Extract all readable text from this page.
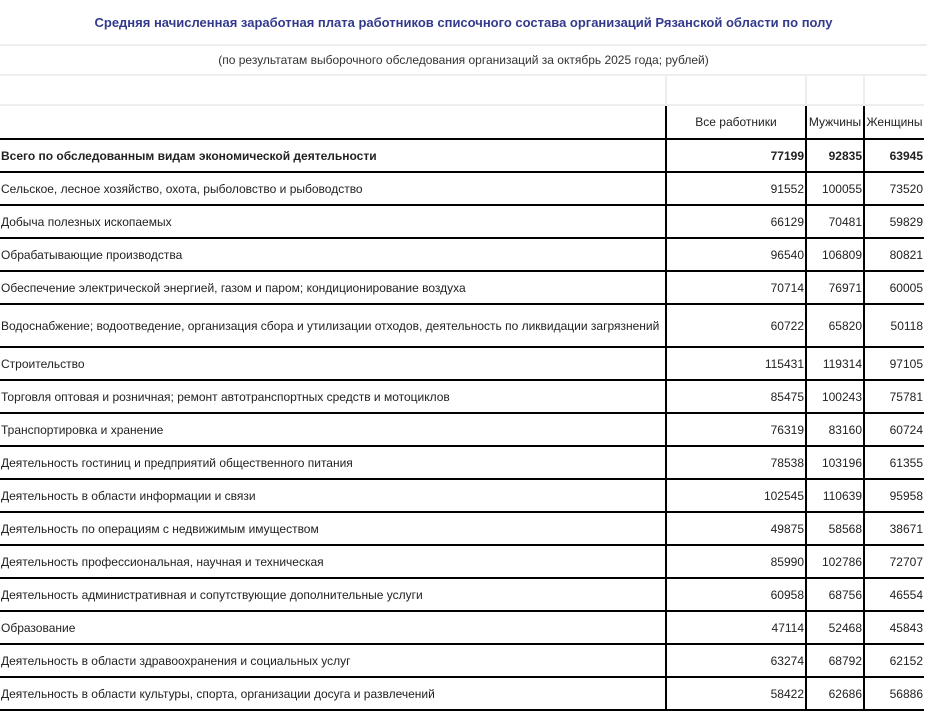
Средняя начисленная заработная плата работников списочного состава организаций Рязанской области по полу
(по результатам выборочного обследования организаций за октябрь 2025 года; рублей)

	Все работники	Мужчины	Женщины
Всего по обследованным видам экономической деятельности	77199	92835	63945
Сельское, лесное хозяйство, охота, рыболовство и рыбоводство	91552	100055	73520
Добыча полезных ископаемых	66129	70481	59829
Обрабатывающие производства	96540	106809	80821
Обеспечение электрической энергией, газом и паром; кондиционирование воздуха	70714	76971	60005
Водоснабжение; водоотведение, организация сбора и утилизации отходов, деятельность по ликвидации загрязнений	60722	65820	50118
Строительство	115431	119314	97105
Торговля оптовая и розничная; ремонт автотранспортных средств и мотоциклов	85475	100243	75781
Транспортировка и хранение	76319	83160	60724
Деятельность гостиниц и предприятий общественного питания	78538	103196	61355
Деятельность в области информации и связи	102545	110639	95958
Деятельность по операциям с недвижимым имуществом	49875	58568	38671
Деятельность профессиональная, научная и техническая	85990	102786	72707
Деятельность административная и сопутствующие дополнительные услуги	60958	68756	46554
Образование	47114	52468	45843
Деятельность в области здравоохранения и социальных услуг	63274	68792	62152
Деятельность в области культуры, спорта, организации досуга и развлечений	58422	62686	56886
